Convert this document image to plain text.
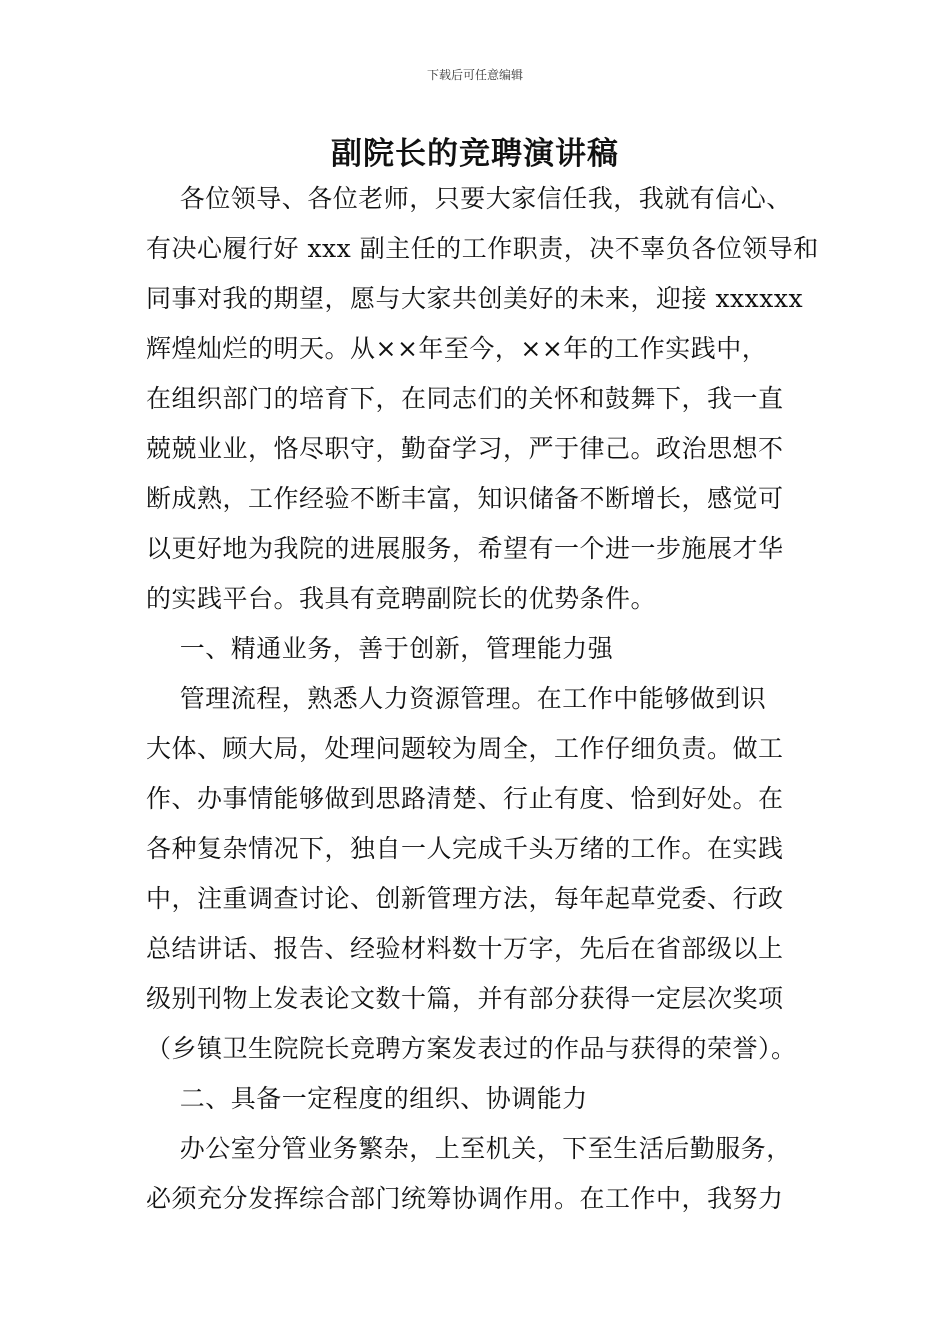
下载后可任意编辑
副院长的竞聘演讲稿
各位领导、各位老师，只要大家信任我，我就有信心、
有决心履行好 xxx 副主任的工作职责，决不辜负各位领导和
同事对我的期望，愿与大家共创美好的未来，迎接 xxxxxx
辉煌灿烂的明天。从××年至今，××年的工作实践中，
在组织部门的培育下，在同志们的关怀和鼓舞下，我一直
兢兢业业，恪尽职守，勤奋学习，严于律己。政治思想不
断成熟，工作经验不断丰富，知识储备不断增长，感觉可
以更好地为我院的进展服务，希望有一个进一步施展才华
的实践平台。我具有竞聘副院长的优势条件。
一、精通业务，善于创新，管理能力强
管理流程，熟悉人力资源管理。在工作中能够做到识
大体、顾大局，处理问题较为周全，工作仔细负责。做工
作、办事情能够做到思路清楚、行止有度、恰到好处。在
各种复杂情况下，独自一人完成千头万绪的工作。在实践
中，注重调查讨论、创新管理方法，每年起草党委、行政
总结讲话、报告、经验材料数十万字，先后在省部级以上
级别刊物上发表论文数十篇，并有部分获得一定层次奖项
（乡镇卫生院院长竞聘方案发表过的作品与获得的荣誉）。
二、具备一定程度的组织、协调能力
办公室分管业务繁杂，上至机关，下至生活后勤服务，
必须充分发挥综合部门统筹协调作用。在工作中，我努力
